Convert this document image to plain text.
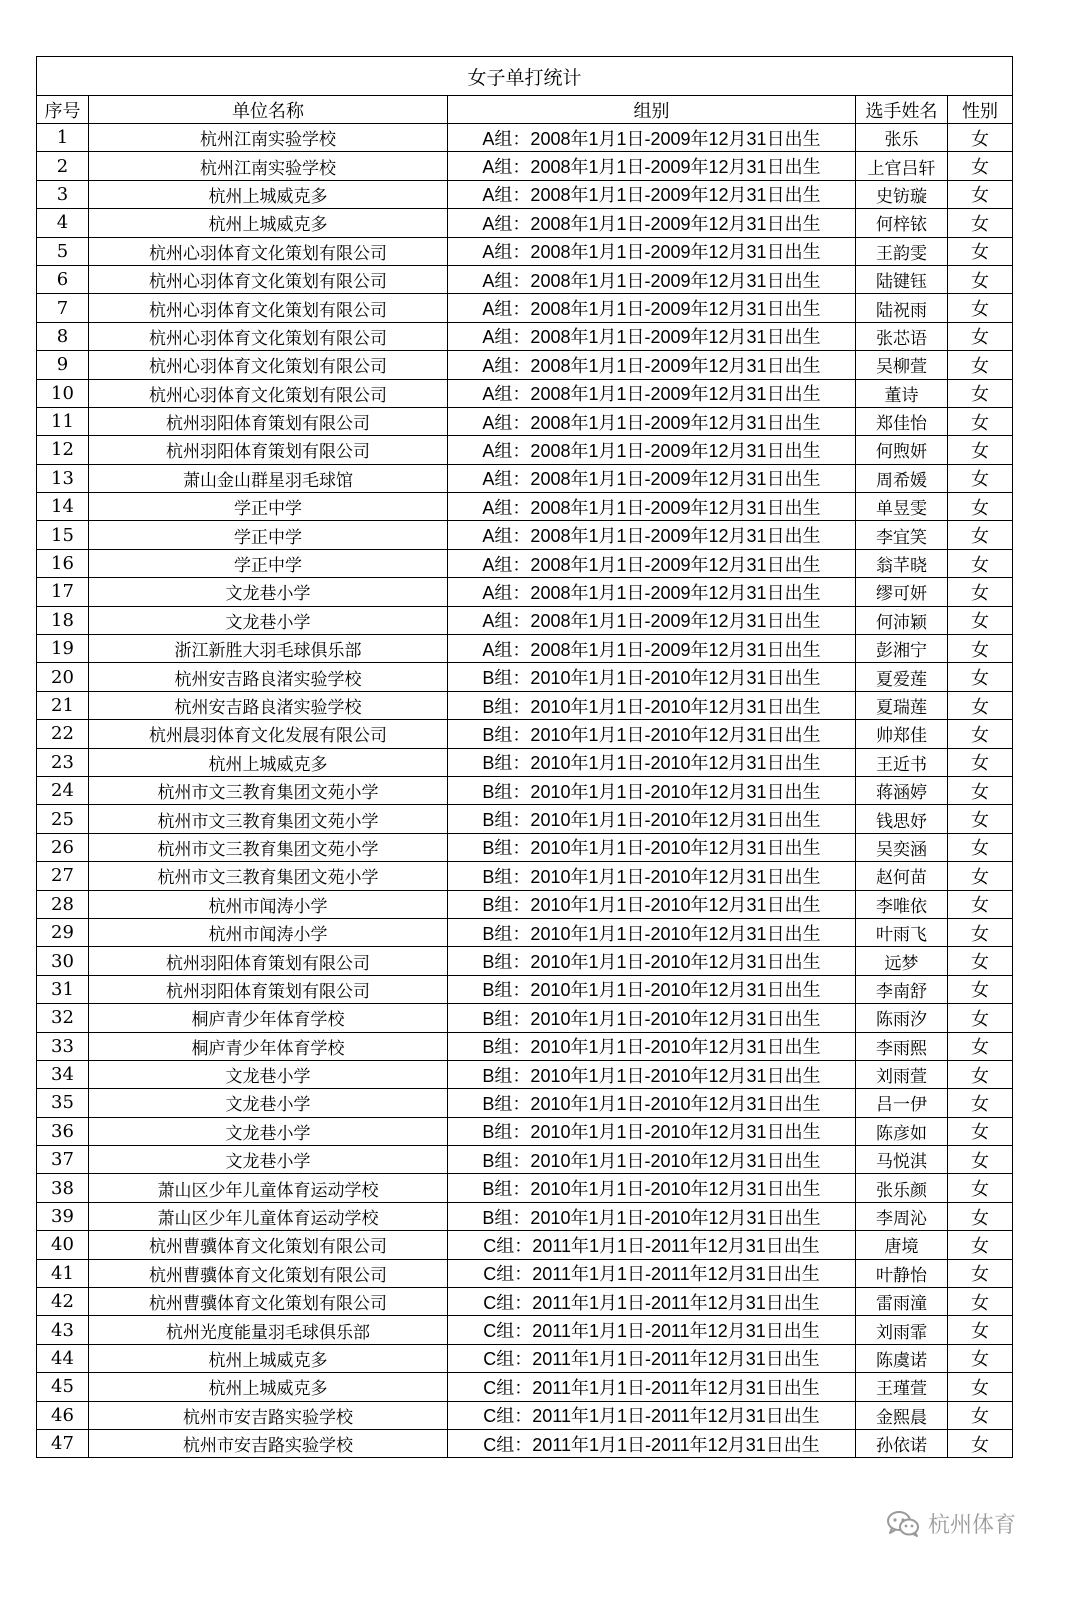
女子单打统计				
序号	单位名称	组别	选手姓名	性别
1	杭州江南实验学校	A组：2008年1月1日-2009年12月31日出生	张乐	女
2	杭州江南实验学校	A组：2008年1月1日-2009年12月31日出生	上官吕轩	女
3	杭州上城威克多	A组：2008年1月1日-2009年12月31日出生	史钫璇	女
4	杭州上城威克多	A组：2008年1月1日-2009年12月31日出生	何梓铱	女
5	杭州心羽体育文化策划有限公司	A组：2008年1月1日-2009年12月31日出生	王韵雯	女
6	杭州心羽体育文化策划有限公司	A组：2008年1月1日-2009年12月31日出生	陆键钰	女
7	杭州心羽体育文化策划有限公司	A组：2008年1月1日-2009年12月31日出生	陆祝雨	女
8	杭州心羽体育文化策划有限公司	A组：2008年1月1日-2009年12月31日出生	张芯语	女
9	杭州心羽体育文化策划有限公司	A组：2008年1月1日-2009年12月31日出生	吴柳萱	女
10	杭州心羽体育文化策划有限公司	A组：2008年1月1日-2009年12月31日出生	董诗	女
11	杭州羽阳体育策划有限公司	A组：2008年1月1日-2009年12月31日出生	郑佳怡	女
12	杭州羽阳体育策划有限公司	A组：2008年1月1日-2009年12月31日出生	何煦妍	女
13	萧山金山群星羽毛球馆	A组：2008年1月1日-2009年12月31日出生	周希媛	女
14	学正中学	A组：2008年1月1日-2009年12月31日出生	单昱雯	女
15	学正中学	A组：2008年1月1日-2009年12月31日出生	李宜笑	女
16	学正中学	A组：2008年1月1日-2009年12月31日出生	翁芊晓	女
17	文龙巷小学	A组：2008年1月1日-2009年12月31日出生	缪可妍	女
18	文龙巷小学	A组：2008年1月1日-2009年12月31日出生	何沛颖	女
19	浙江新胜大羽毛球俱乐部	A组：2008年1月1日-2009年12月31日出生	彭湘宁	女
20	杭州安吉路良渚实验学校	B组：2010年1月1日-2010年12月31日出生	夏爱莲	女
21	杭州安吉路良渚实验学校	B组：2010年1月1日-2010年12月31日出生	夏瑞莲	女
22	杭州晨羽体育文化发展有限公司	B组：2010年1月1日-2010年12月31日出生	帅郑佳	女
23	杭州上城威克多	B组：2010年1月1日-2010年12月31日出生	王近书	女
24	杭州市文三教育集团文苑小学	B组：2010年1月1日-2010年12月31日出生	蒋涵婷	女
25	杭州市文三教育集团文苑小学	B组：2010年1月1日-2010年12月31日出生	钱思妤	女
26	杭州市文三教育集团文苑小学	B组：2010年1月1日-2010年12月31日出生	吴奕涵	女
27	杭州市文三教育集团文苑小学	B组：2010年1月1日-2010年12月31日出生	赵何苗	女
28	杭州市闻涛小学	B组：2010年1月1日-2010年12月31日出生	李唯依	女
29	杭州市闻涛小学	B组：2010年1月1日-2010年12月31日出生	叶雨飞	女
30	杭州羽阳体育策划有限公司	B组：2010年1月1日-2010年12月31日出生	远梦	女
31	杭州羽阳体育策划有限公司	B组：2010年1月1日-2010年12月31日出生	李南舒	女
32	桐庐青少年体育学校	B组：2010年1月1日-2010年12月31日出生	陈雨汐	女
33	桐庐青少年体育学校	B组：2010年1月1日-2010年12月31日出生	李雨熙	女
34	文龙巷小学	B组：2010年1月1日-2010年12月31日出生	刘雨萱	女
35	文龙巷小学	B组：2010年1月1日-2010年12月31日出生	吕一伊	女
36	文龙巷小学	B组：2010年1月1日-2010年12月31日出生	陈彦如	女
37	文龙巷小学	B组：2010年1月1日-2010年12月31日出生	马悦淇	女
38	萧山区少年儿童体育运动学校	B组：2010年1月1日-2010年12月31日出生	张乐颜	女
39	萧山区少年儿童体育运动学校	B组：2010年1月1日-2010年12月31日出生	李周沁	女
40	杭州曹骥体育文化策划有限公司	C组：2011年1月1日-2011年12月31日出生	唐境	女
41	杭州曹骥体育文化策划有限公司	C组：2011年1月1日-2011年12月31日出生	叶静怡	女
42	杭州曹骥体育文化策划有限公司	C组：2011年1月1日-2011年12月31日出生	雷雨潼	女
43	杭州光度能量羽毛球俱乐部	C组：2011年1月1日-2011年12月31日出生	刘雨霏	女
44	杭州上城威克多	C组：2011年1月1日-2011年12月31日出生	陈虞诺	女
45	杭州上城威克多	C组：2011年1月1日-2011年12月31日出生	王瑾萱	女
46	杭州市安吉路实验学校	C组：2011年1月1日-2011年12月31日出生	金熙晨	女
47	杭州市安吉路实验学校	C组：2011年1月1日-2011年12月31日出生	孙依诺	女
杭州体育
